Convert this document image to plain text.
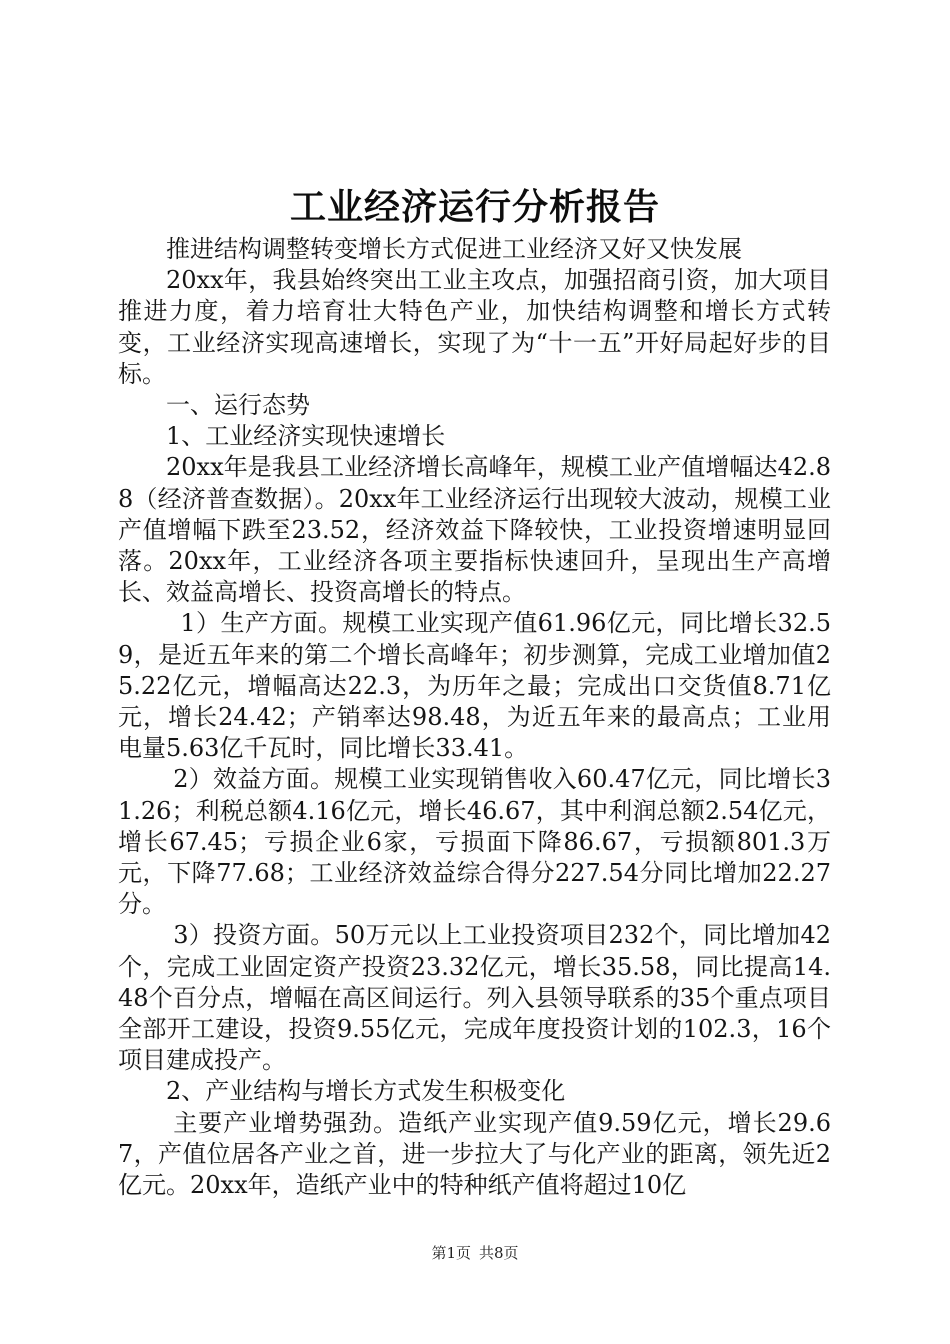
工业经济运行分析报告

推进结构调整转变增长方式促进工业经济又好又快发展

20xx年，我县始终突出工业主攻点，加强招商引资，加大项目推进力度，着力培育壮大特色产业，加快结构调整和增长方式转变，工业经济实现高速增长，实现了为“十一五”开好局起好步的目标。

一、运行态势

1、工业经济实现快速增长

20xx年是我县工业经济增长高峰年，规模工业产值增幅达42.88（经济普查数据）。20xx年工业经济运行出现较大波动，规模工业产值增幅下跌至23.52，经济效益下降较快，工业投资增速明显回落。20xx年，工业经济各项主要指标快速回升，呈现出生产高增长、效益高增长、投资高增长的特点。

1）生产方面。规模工业实现产值61.96亿元，同比增长32.59，是近五年来的第二个增长高峰年；初步测算，完成工业增加值25.22亿元，增幅高达22.3，为历年之最；完成出口交货值8.71亿元，增长24.42；产销率达98.48，为近五年来的最高点；工业用电量5.63亿千瓦时，同比增长33.41。

2）效益方面。规模工业实现销售收入60.47亿元，同比增长31.26；利税总额4.16亿元，增长46.67，其中利润总额2.54亿元，增长67.45；亏损企业6家，亏损面下降86.67，亏损额801.3万元，下降77.68；工业经济效益综合得分227.54分同比增加22.27分。

3）投资方面。50万元以上工业投资项目232个，同比增加42个，完成工业固定资产投资23.32亿元，增长35.58，同比提高14.48个百分点，增幅在高区间运行。列入县领导联系的35个重点项目全部开工建设，投资9.55亿元，完成年度投资计划的102.3，16个项目建成投产。

2、产业结构与增长方式发生积极变化

主要产业增势强劲。造纸产业实现产值9.59亿元，增长29.67，产值位居各产业之首，进一步拉大了与化产业的距离，领先近2亿元。20xx年，造纸产业中的特种纸产值将超过10亿

第1页 共8页
